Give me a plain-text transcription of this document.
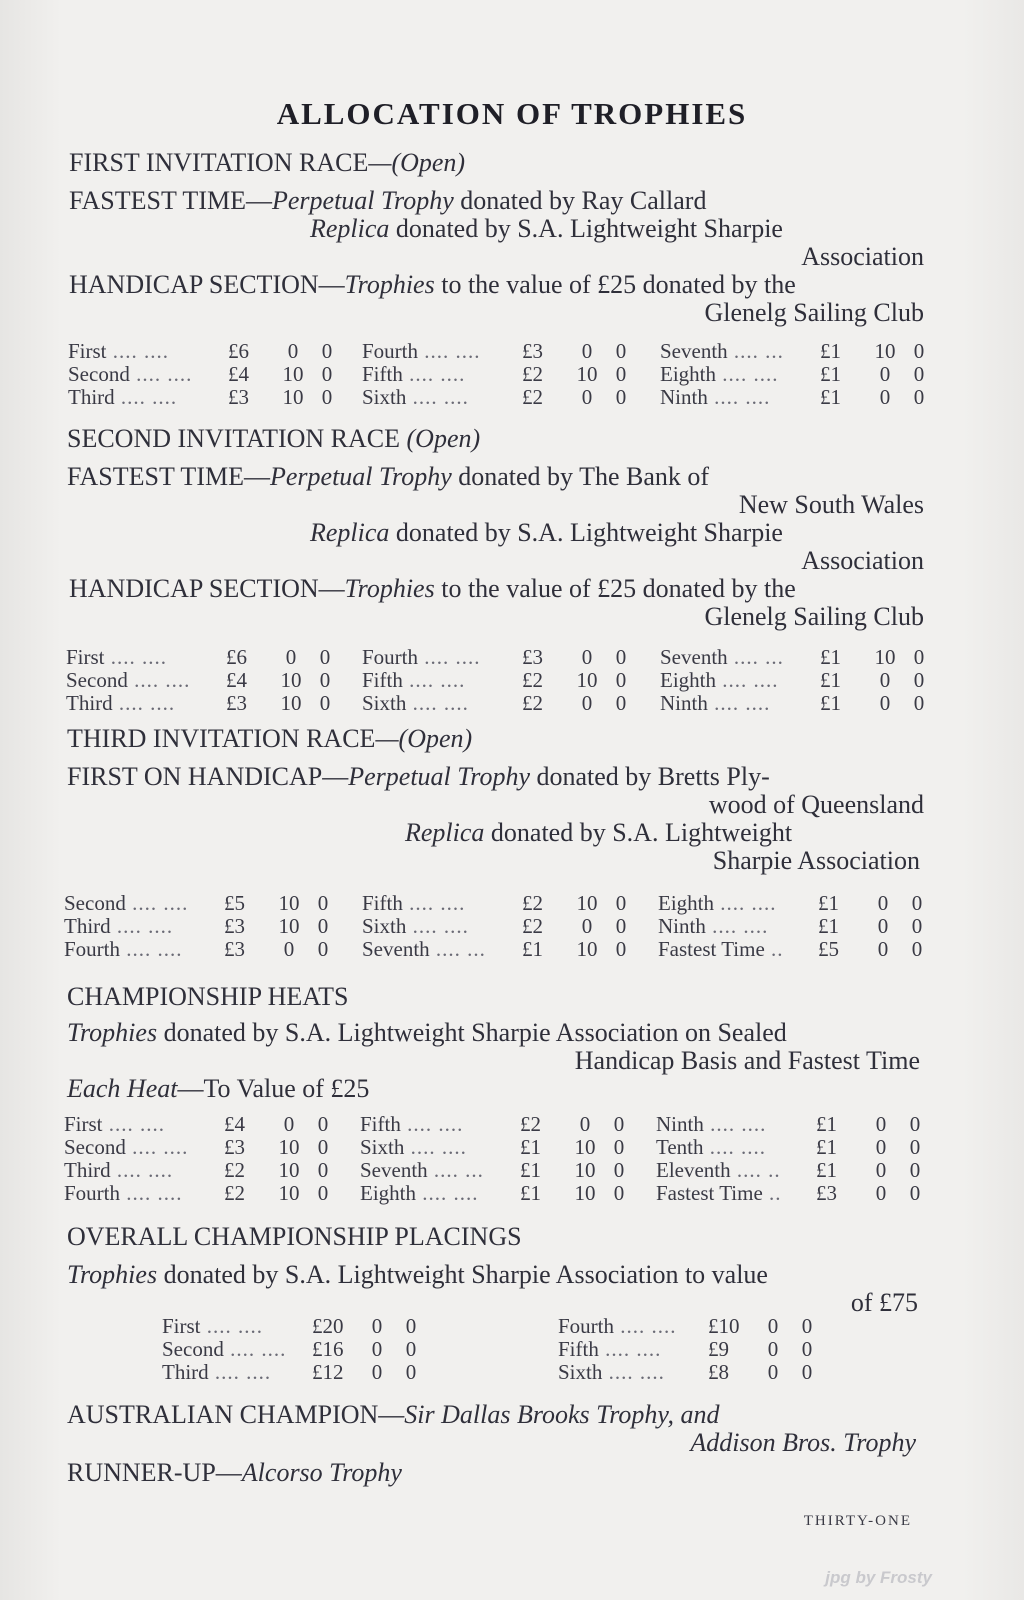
ALLOCATION OF TROPHIES
FIRST INVITATION RACE—(Open)
FASTEST TIME—Perpetual Trophy donated by Ray Callard
Replica donated by S.A. Lightweight Sharpie
Association
HANDICAP SECTION—Trophies to the value of £25 donated by the
Glenelg Sailing Club
First .... ....	£6	0	0
Second .... ....	£4	10	0
Third .... ....	£3	10	0
Fourth .... ....	£3	0	0
Fifth .... ....	£2	10	0
Sixth .... ....	£2	0	0
Seventh .... ...	£1	10	0
Eighth .... ....	£1	0	0
Ninth .... ....	£1	0	0
SECOND INVITATION RACE (Open)
FASTEST TIME—Perpetual Trophy donated by The Bank of
New South Wales
Replica donated by S.A. Lightweight Sharpie
Association
HANDICAP SECTION—Trophies to the value of £25 donated by the
Glenelg Sailing Club
First .... ....	£6	0	0
Second .... ....	£4	10	0
Third .... ....	£3	10	0
Fourth .... ....	£3	0	0
Fifth .... ....	£2	10	0
Sixth .... ....	£2	0	0
Seventh .... ...	£1	10	0
Eighth .... ....	£1	0	0
Ninth .... ....	£1	0	0
THIRD INVITATION RACE—(Open)
FIRST ON HANDICAP—Perpetual Trophy donated by Bretts Ply-
wood of Queensland
Replica donated by S.A. Lightweight
Sharpie Association
Second .... ....	£5	10	0
Third .... ....	£3	10	0
Fourth .... ....	£3	0	0
Fifth .... ....	£2	10	0
Sixth .... ....	£2	0	0
Seventh .... ...	£1	10	0
Eighth .... ....	£1	0	0
Ninth .... ....	£1	0	0
Fastest Time ..	£5	0	0
CHAMPIONSHIP HEATS
Trophies donated by S.A. Lightweight Sharpie Association on Sealed
Handicap Basis and Fastest Time
Each Heat—To Value of £25
First .... ....	£4	0	0
Second .... ....	£3	10	0
Third .... ....	£2	10	0
Fourth .... ....	£2	10	0
Fifth .... ....	£2	0	0
Sixth .... ....	£1	10	0
Seventh .... ...	£1	10	0
Eighth .... ....	£1	10	0
Ninth .... ....	£1	0	0
Tenth .... ....	£1	0	0
Eleventh .... ..	£1	0	0
Fastest Time ..	£3	0	0
OVERALL CHAMPIONSHIP PLACINGS
Trophies donated by S.A. Lightweight Sharpie Association to value
of £75
First .... ....	£20	0	0
Second .... ....	£16	0	0
Third .... ....	£12	0	0
Fourth .... ....	£10	0	0
Fifth .... ....	£9	0	0
Sixth .... ....	£8	0	0
AUSTRALIAN CHAMPION—Sir Dallas Brooks Trophy, and
Addison Bros. Trophy
RUNNER-UP—Alcorso Trophy
THIRTY-ONE
jpg by Frosty
